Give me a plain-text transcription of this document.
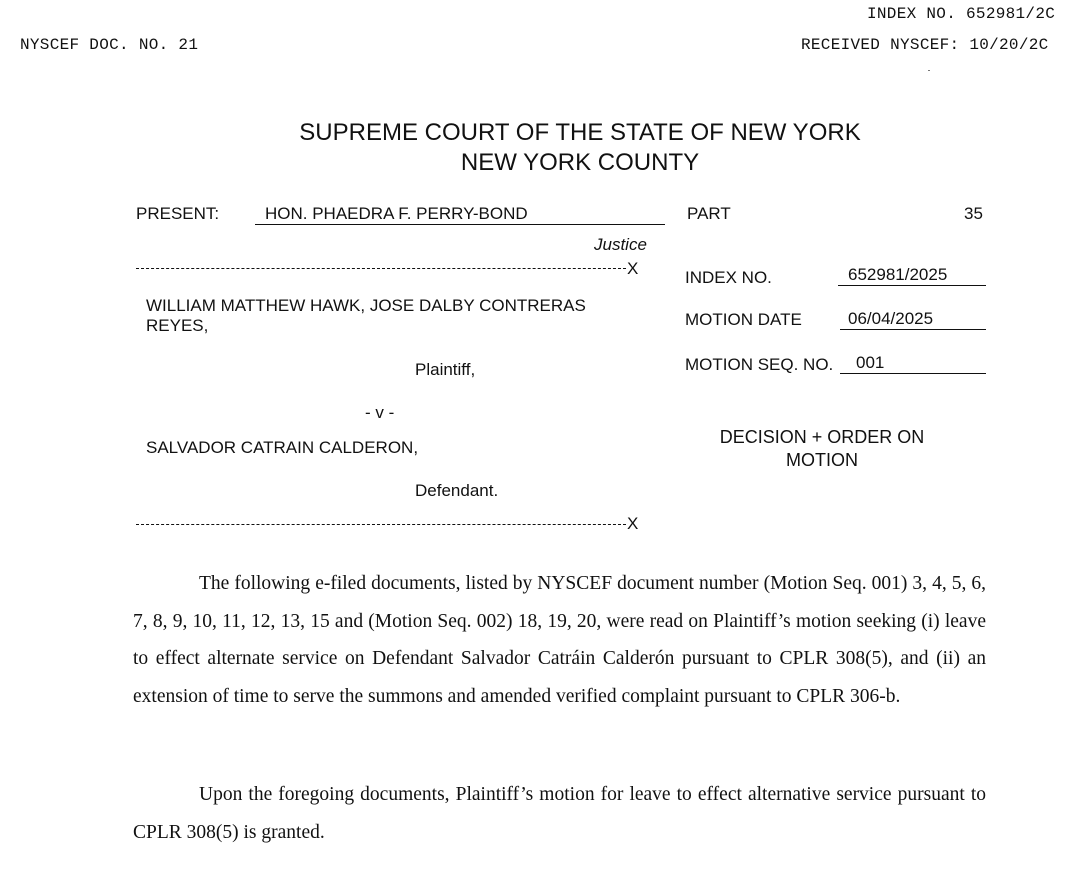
INDEX NO. 652981/2C
NYSCEF DOC. NO. 21	RECEIVED NYSCEF: 10/20/2C
SUPREME COURT OF THE STATE OF NEW YORK
NEW YORK COUNTY
PRESENT:	HON. PHAEDRA F. PERRY-BOND
Justice
X
WILLIAM MATTHEW HAWK, JOSE DALBY CONTRERAS
REYES,
Plaintiff,
- v -
SALVADOR CATRAIN CALDERON,
Defendant.
X
PART	35
INDEX NO.	652981/2025
MOTION DATE	06/04/2025
MOTION SEQ. NO.	001
DECISION + ORDER ON
MOTION

The following e-filed documents, listed by NYSCEF document number (Motion Seq. 001) 3, 4, 5, 6, 7, 8, 9, 10, 11, 12, 13, 15 and (Motion Seq. 002) 18, 19, 20, were read on Plaintiff’s motion seeking (i) leave to effect alternate service on Defendant Salvador Catráin Calderón pursuant to CPLR 308(5), and (ii) an extension of time to serve the summons and amended verified complaint pursuant to CPLR 306-b.

Upon the foregoing documents, Plaintiff’s motion for leave to effect alternative service pursuant to CPLR 308(5) is granted.
